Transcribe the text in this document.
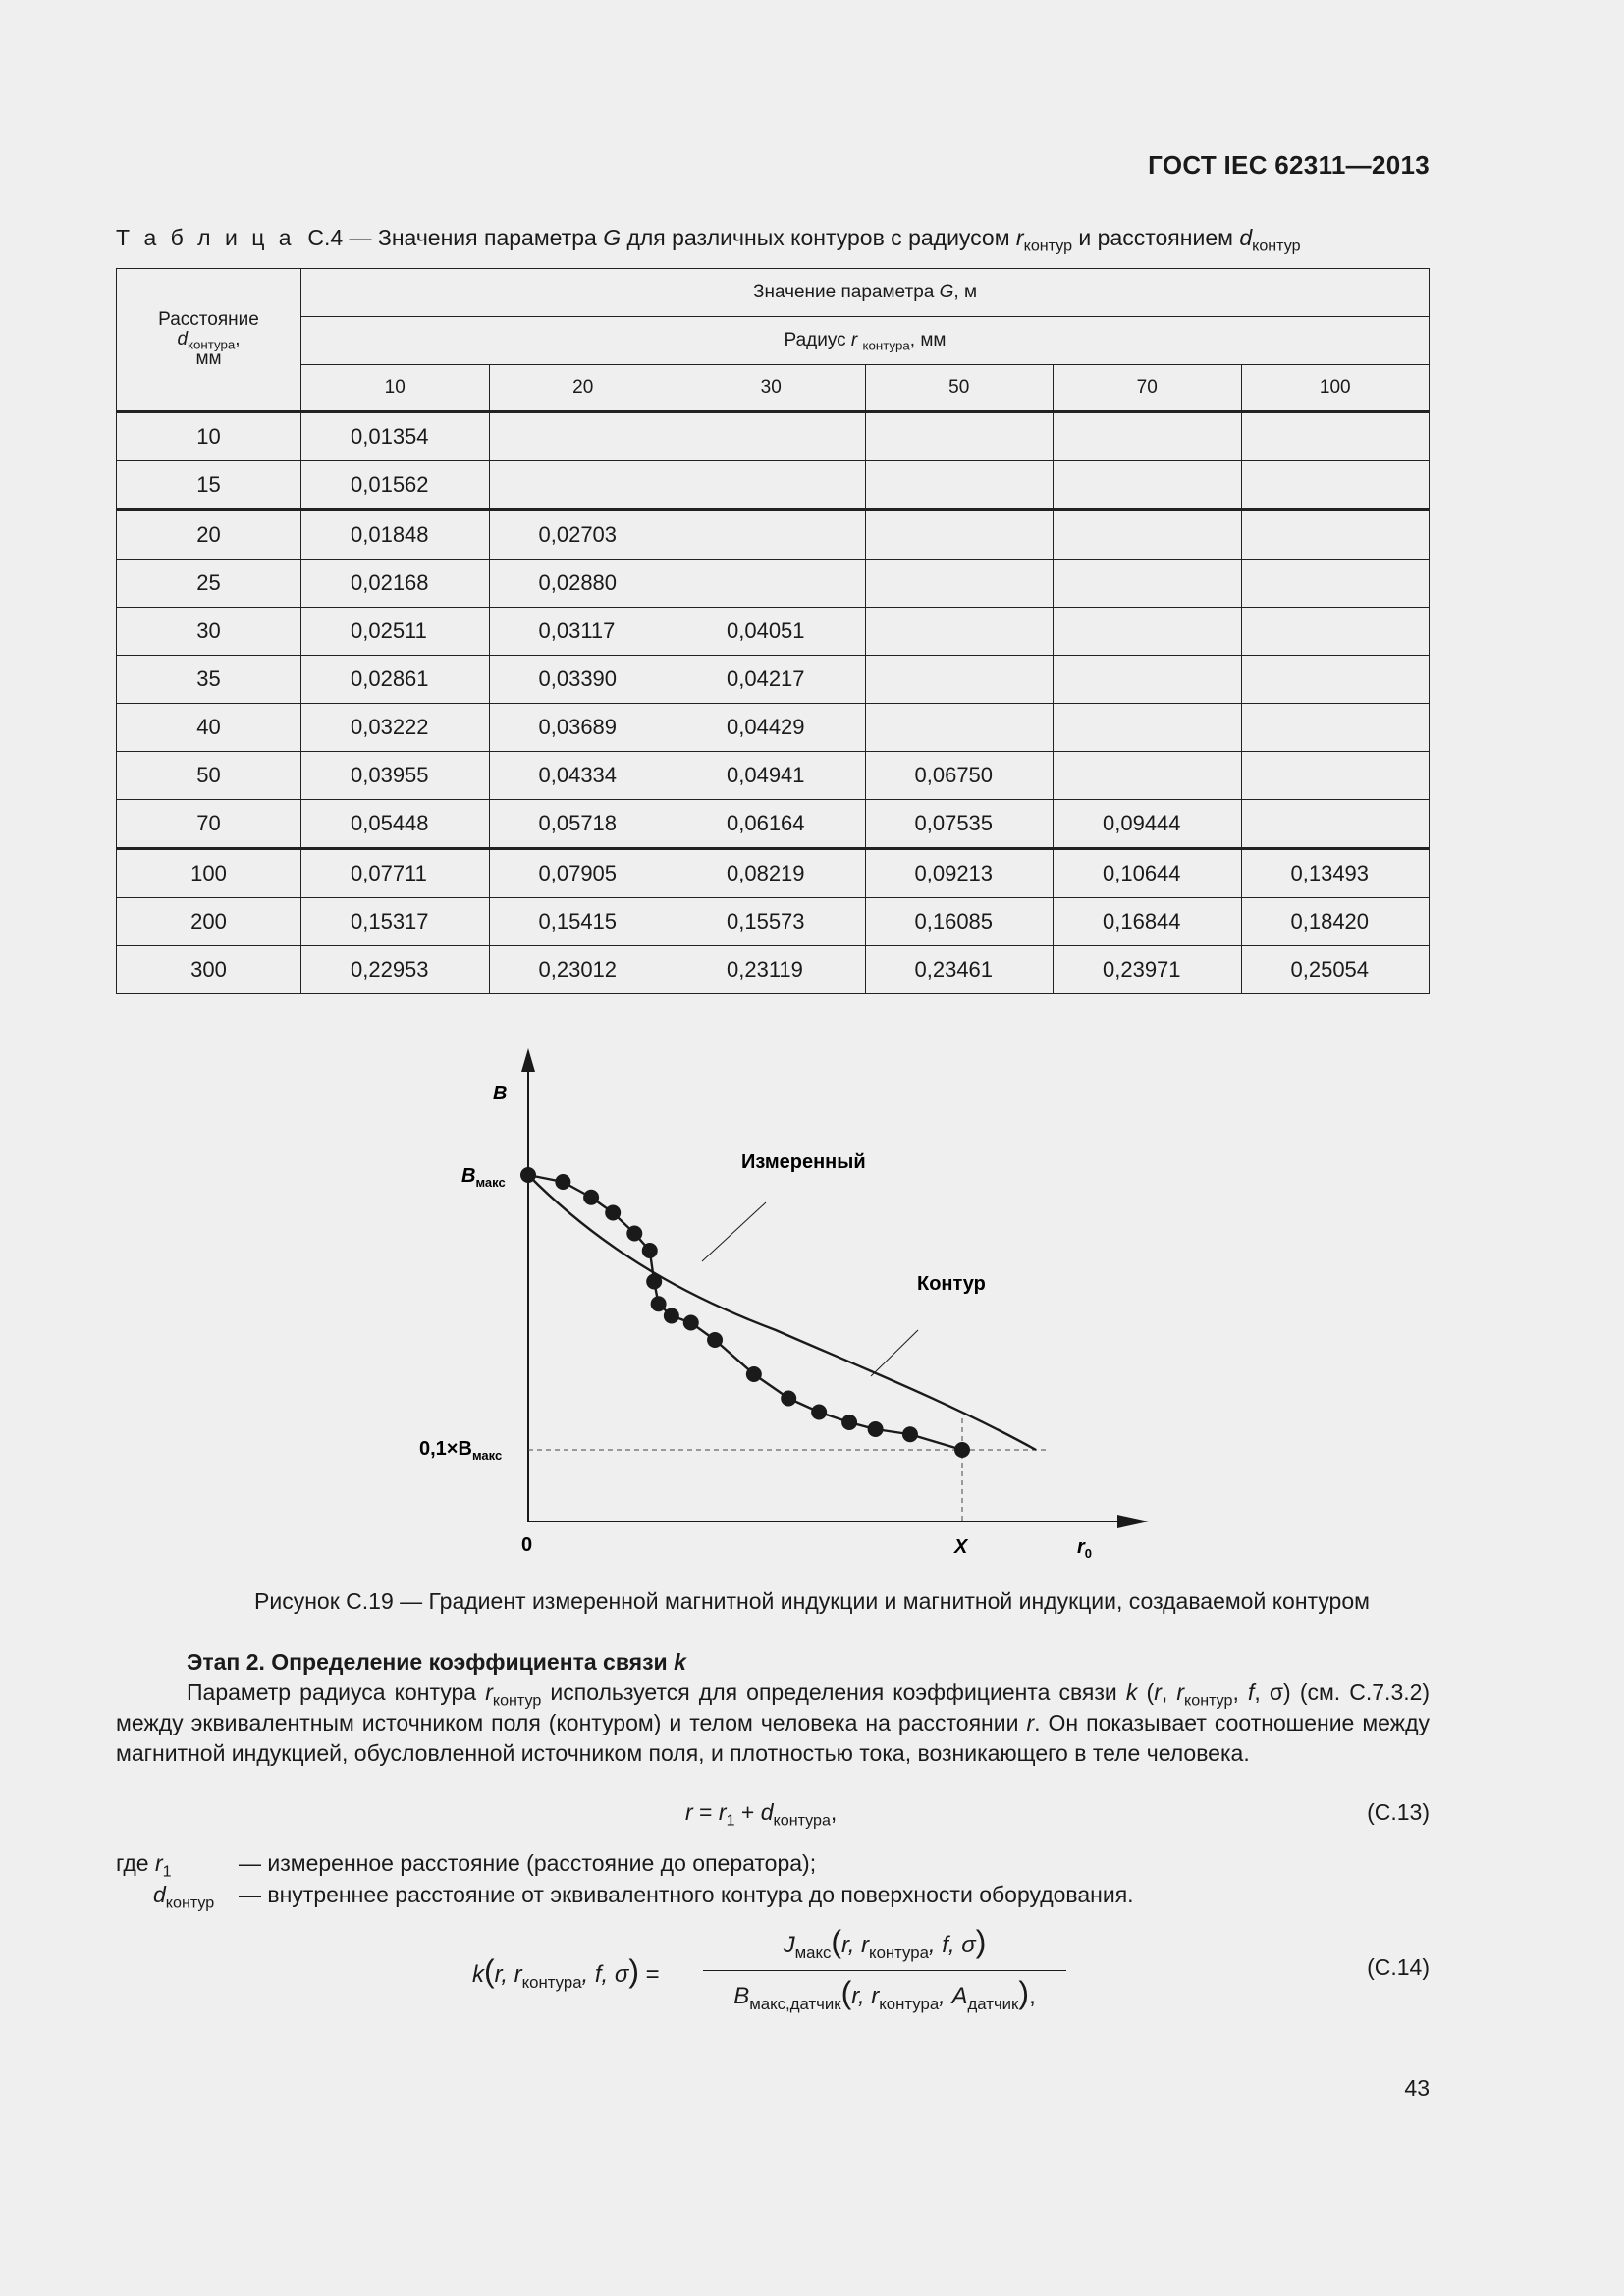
ГОСТ IEC 62311—2013
Т а б л и ц а С.4 — Значения параметра G для различных контуров с радиусом $r_{контур}$ и расстоянием $d_{контур}$
Расстояние
$d_{контура}$,
мм	Значение параметра G, м					
	Радиус r $_{контура}$, мм					
	10	20	30	50	70	100
10	0,01354					
15	0,01562					
20	0,01848	0,02703				
25	0,02168	0,02880				
30	0,02511	0,03117	0,04051			
35	0,02861	0,03390	0,04217			
40	0,03222	0,03689	0,04429			
50	0,03955	0,04334	0,04941	0,06750		
70	0,05448	0,05718	0,06164	0,07535	0,09444	
100	0,07711	0,07905	0,08219	0,09213	0,10644	0,13493
200	0,15317	0,15415	0,15573	0,16085	0,16844	0,18420
300	0,22953	0,23012	0,23119	0,23461	0,23971	0,25054
B
$B_{макс}$
$0,1\times B_{макс}$
0	X	$r_0$
Измеренный
Контур
Рисунок С.19 — Градиент измеренной магнитной индукции и магнитной индукции, создаваемой контуром
Этап 2. Определение коэффициента связи k
Параметр радиуса контура $r_{контур}$ используется для определения коэффициента связи k (r, $r_{контур}$, f, σ) (см. С.7.3.2) между эквивалентным источником поля (контуром) и телом человека на расстоянии r. Он показывает соотношение между магнитной индукцией, обусловленной источником поля, и плотностью тока, возникающего в теле человека.
$r = r_1 + d_{контура}$,	(С.13)
где $r_1$	— измеренное расстояние (расстояние до оператора);
$d_{контур}$ — внутреннее расстояние от эквивалентного контура до поверхности оборудования.
k(r, $r_{контура}$, f, σ) =
$J_{макс}(r$, $r_{контура}$, f, σ)
$B_{макс,датчик}(r$, $r_{контура}$, $A_{датчик}$),
(С.14)
43
